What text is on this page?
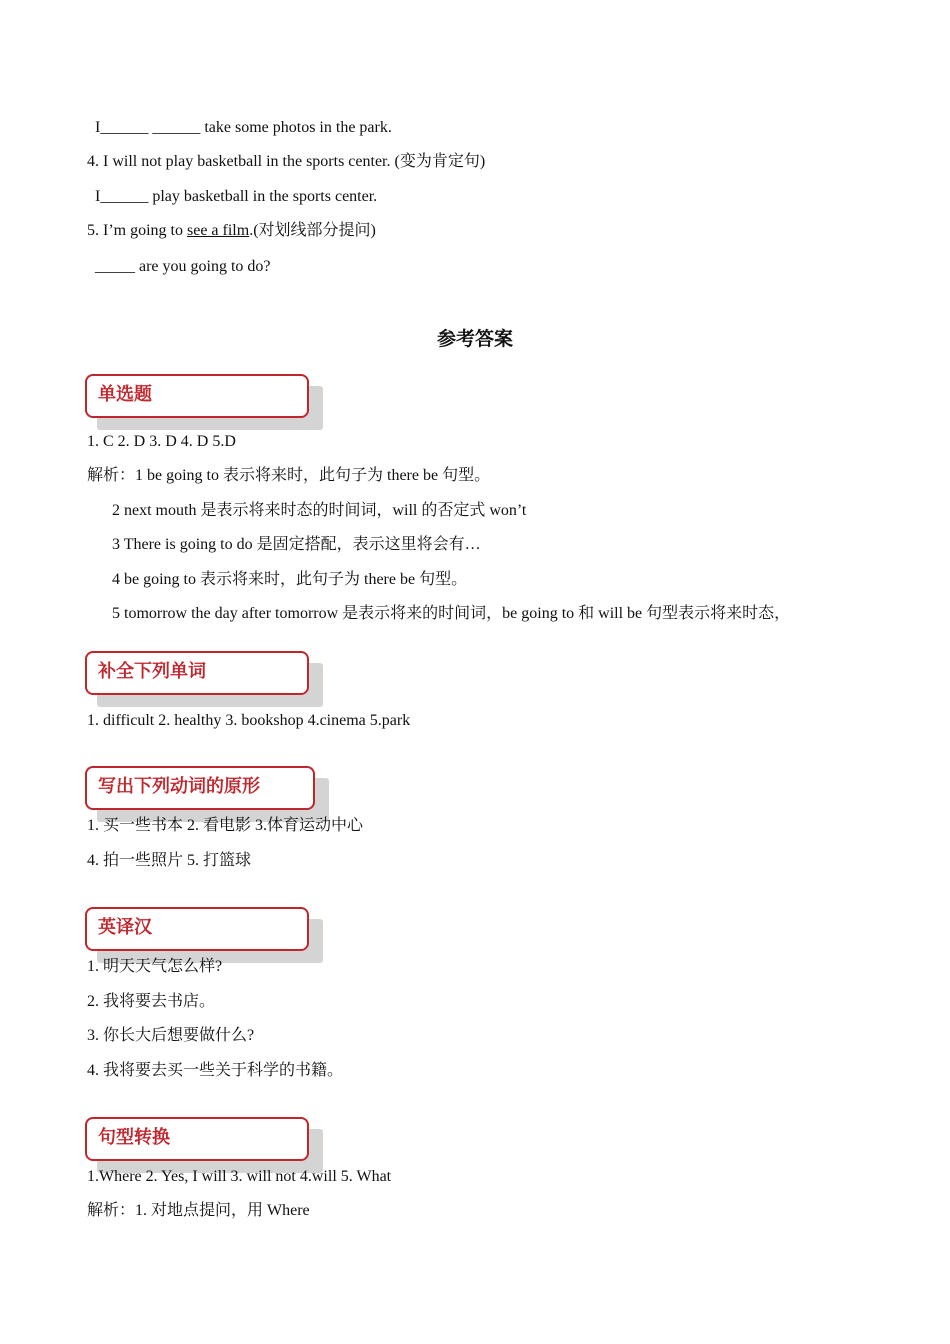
I______ ______ take some photos in the park.
4. I will not play basketball in the sports center. (变为肯定句)
I______ play basketball in the sports center.
5. I’m going to see a film.(对划线部分提问)
_____ are you going to do?
参考答案
单选题
1. C 2. D 3. D 4. D 5.D
解析：1 be going to 表示将来时，此句子为 there be 句型。
2 next mouth 是表示将来时态的时间词，will 的否定式 won’t
3 There is going to do 是固定搭配，表示这里将会有…
4 be going to 表示将来时，此句子为 there be 句型。
5 tomorrow the day after tomorrow 是表示将来的时间词，be going to 和 will be 句型表示将来时态，
补全下列单词
1. difficult 2. healthy 3. bookshop 4.cinema 5.park
写出下列动词的原形
1. 买一些书本 2. 看电影 3.体育运动中心
4. 拍一些照片 5. 打篮球
英译汉
1. 明天天气怎么样?
2. 我将要去书店。
3. 你长大后想要做什么?
4. 我将要去买一些关于科学的书籍。
句型转换
1.Where 2. Yes, I will 3. will not 4.will 5. What
解析：1. 对地点提问，用 Where
